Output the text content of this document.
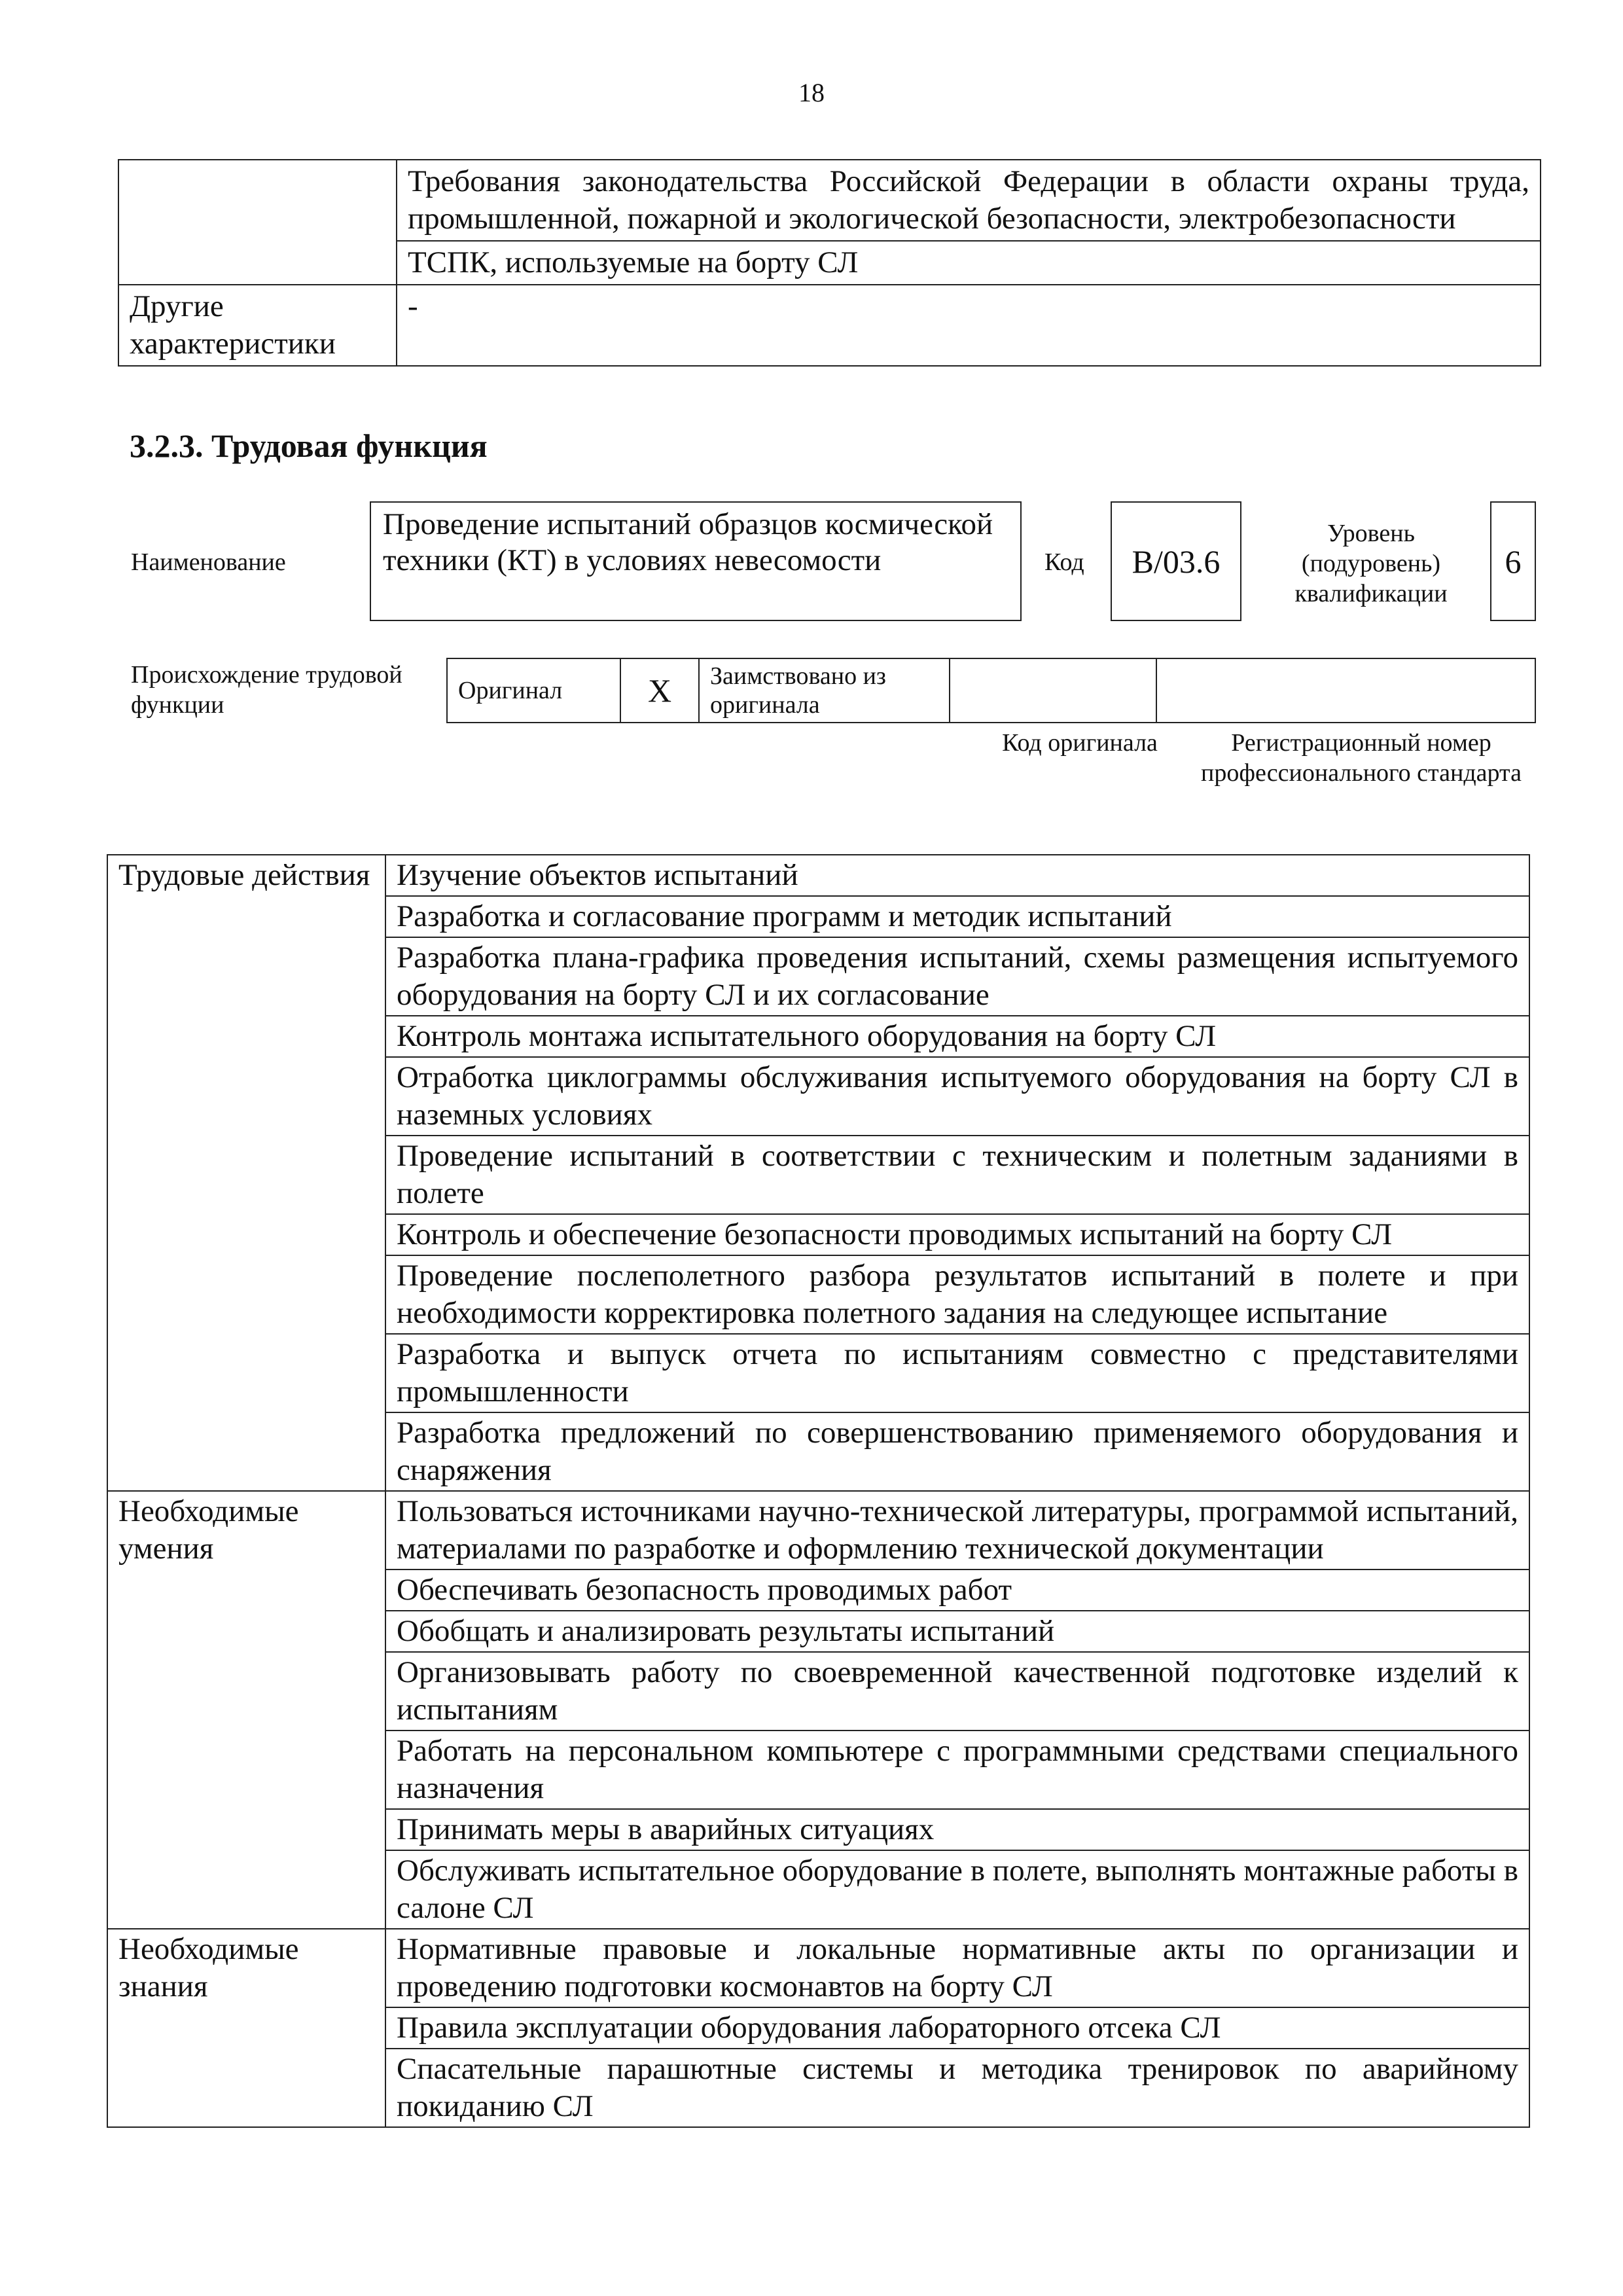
18
	Требования законодательства Российской Федерации в области охраны труда, промышленной, пожарной и экологической безопасности, электробезопасности
	ТСПК, используемые на борту СЛ
Другие характеристики	-
3.2.3. Трудовая функция
Наименование
Проведение испытаний образцов космической техники (КТ) в условиях невесомости	Код	B/03.6
Уровень (подуровень) квалификации
6
Происхождение трудовой функции
Оригинал	X	Заимствовано из оригинала		
Код оригинала	Регистрационный номер профессионального стандарта
Трудовые действия	Изучение объектов испытаний
	Разработка и согласование программ и методик испытаний
	Разработка плана-графика проведения испытаний, схемы размещения испытуемого оборудования на борту СЛ и их согласование
	Контроль монтажа испытательного оборудования на борту СЛ
	Отработка циклограммы обслуживания испытуемого оборудования на борту СЛ в наземных условиях
	Проведение испытаний в соответствии с техническим и полетным заданиями в полете
	Контроль и обеспечение безопасности проводимых испытаний на борту СЛ
	Проведение послеполетного разбора результатов испытаний в полете и при необходимости корректировка полетного задания на следующее испытание
	Разработка и выпуск отчета по испытаниям совместно с представителями промышленности
	Разработка предложений по совершенствованию применяемого оборудования и снаряжения
Необходимые умения	Пользоваться источниками научно-технической литературы, программой испытаний, материалами по разработке и оформлению технической документации
	Обеспечивать безопасность проводимых работ
	Обобщать и анализировать результаты испытаний
	Организовывать работу по своевременной качественной подготовке изделий к испытаниям
	Работать на персональном компьютере с программными средствами специального назначения
	Принимать меры в аварийных ситуациях
	Обслуживать испытательное оборудование в полете, выполнять монтажные работы в салоне СЛ
Необходимые знания	Нормативные правовые и локальные нормативные акты по организации и проведению подготовки космонавтов на борту СЛ
	Правила эксплуатации оборудования лабораторного отсека СЛ
	Спасательные парашютные системы и методика тренировок по аварийному покиданию СЛ
